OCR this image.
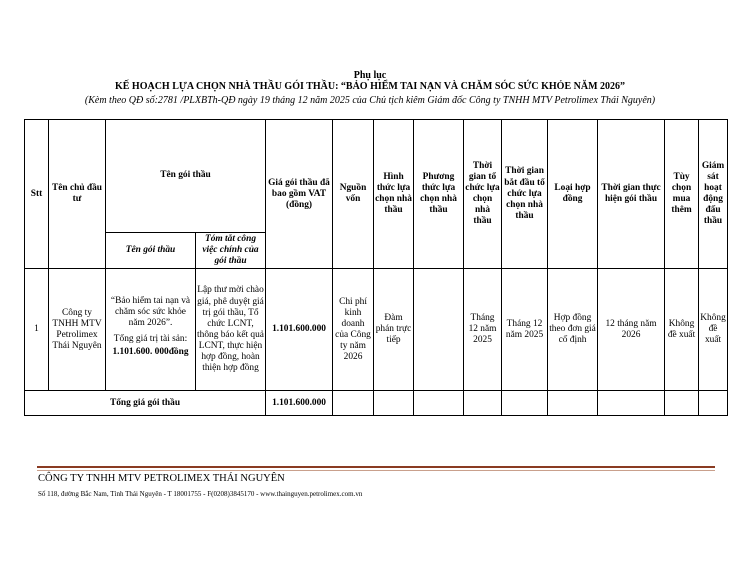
Phụ lục
KẾ HOẠCH LỰA CHỌN NHÀ THẦU GÓI THẦU: “BẢO HIỂM TAI NẠN VÀ CHĂM SÓC SỨC KHỎE NĂM 2026”
(Kèm theo QĐ số:2781 /PLXBTh-QĐ ngày 19 tháng 12 năm 2025 của Chủ tịch kiêm Giám đốc Công ty TNHH MTV Petrolimex Thái Nguyên)
Stt	Tên chủ đầu tư	Tên gói thầu		Giá gói thầu đã bao gồm VAT (đồng)	Nguồn vốn	Hình thức lựa chọn nhà thầu	Phương thức lựa chọn nhà thầu	Thời gian tổ chức lựa chọn nhà thầu	Thời gian bắt đầu tổ chức lựa chọn nhà thầu	Loại hợp đồng	Thời gian thực hiện gói thầu	Tùy chọn mua thêm	Giám sát hoạt động đấu thầu
		Tên gói thầu	Tóm tắt công việc chính của gói thầu										
1	Công ty TNHH MTV Petrolimex Thái Nguyên	“Bảo hiểm tai nạn và chăm sóc sức khỏe năm 2026”.

Tổng giá trị tài sản:

1.101.600. 000đồng	Lập thư mời chào giá, phê duyệt giá trị gói thầu, Tổ chức LCNT, thông báo kết quả LCNT, thực hiện hợp đồng, hoàn thiện hợp đồng	1.101.600.000	Chi phí kinh doanh của Công ty năm 2026	Đàm phán trực tiếp		Tháng 12 năm 2025	Tháng 12 năm 2025	Hợp đồng theo đơn giá cố định	12 tháng năm 2026	Không đề xuất	Không đề xuất
Tổng giá gói thầu				1.101.600.000									
CÔNG TY TNHH MTV PETROLIMEX THÁI NGUYÊN
Số 118, đường Bắc Nam, Tỉnh Thái Nguyên - T 18001755 - F(0208)3845170 - www.thainguyen.petrolimex.com.vn
